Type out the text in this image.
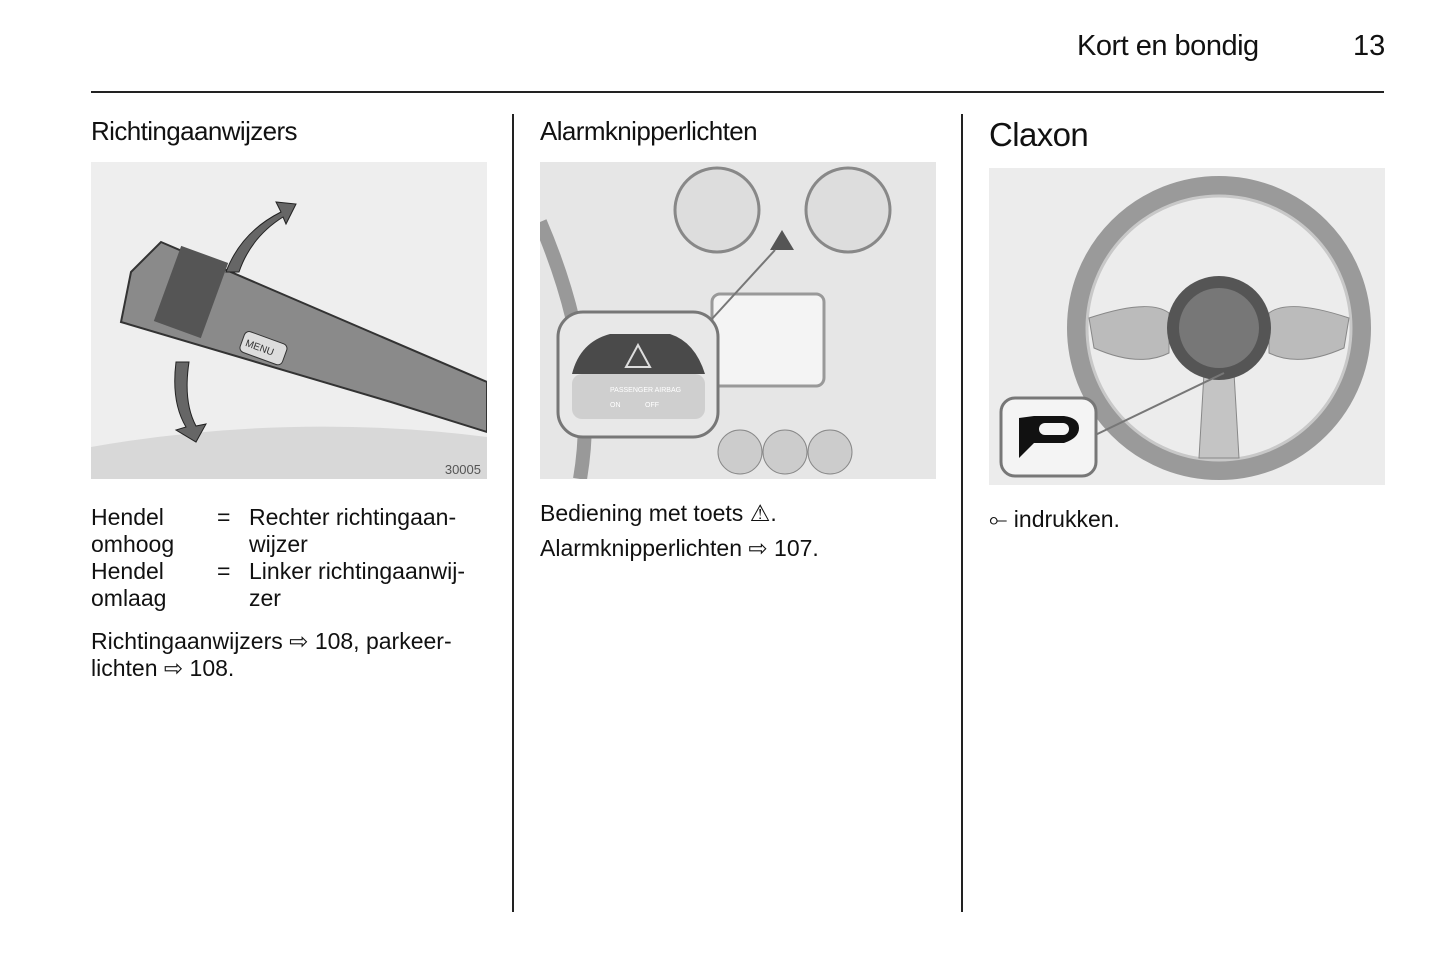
Kort en bondig	13
Richtingaanwijzers
MENU
30005
Hendel
omhoog
= Rechter richtingaan-
wijzer
Hendel
omlaag
= Linker richtingaanwij-
zer
Richtingaanwijzers ⇨ 108, parkeer-
lichten ⇨ 108.
Alarmknipperlichten
PASSENGER AIRBAG
ON	OFF
Bediening met toets ⚠.
Alarmknipperlichten ⇨ 107.
Claxon
⟜ indrukken.
